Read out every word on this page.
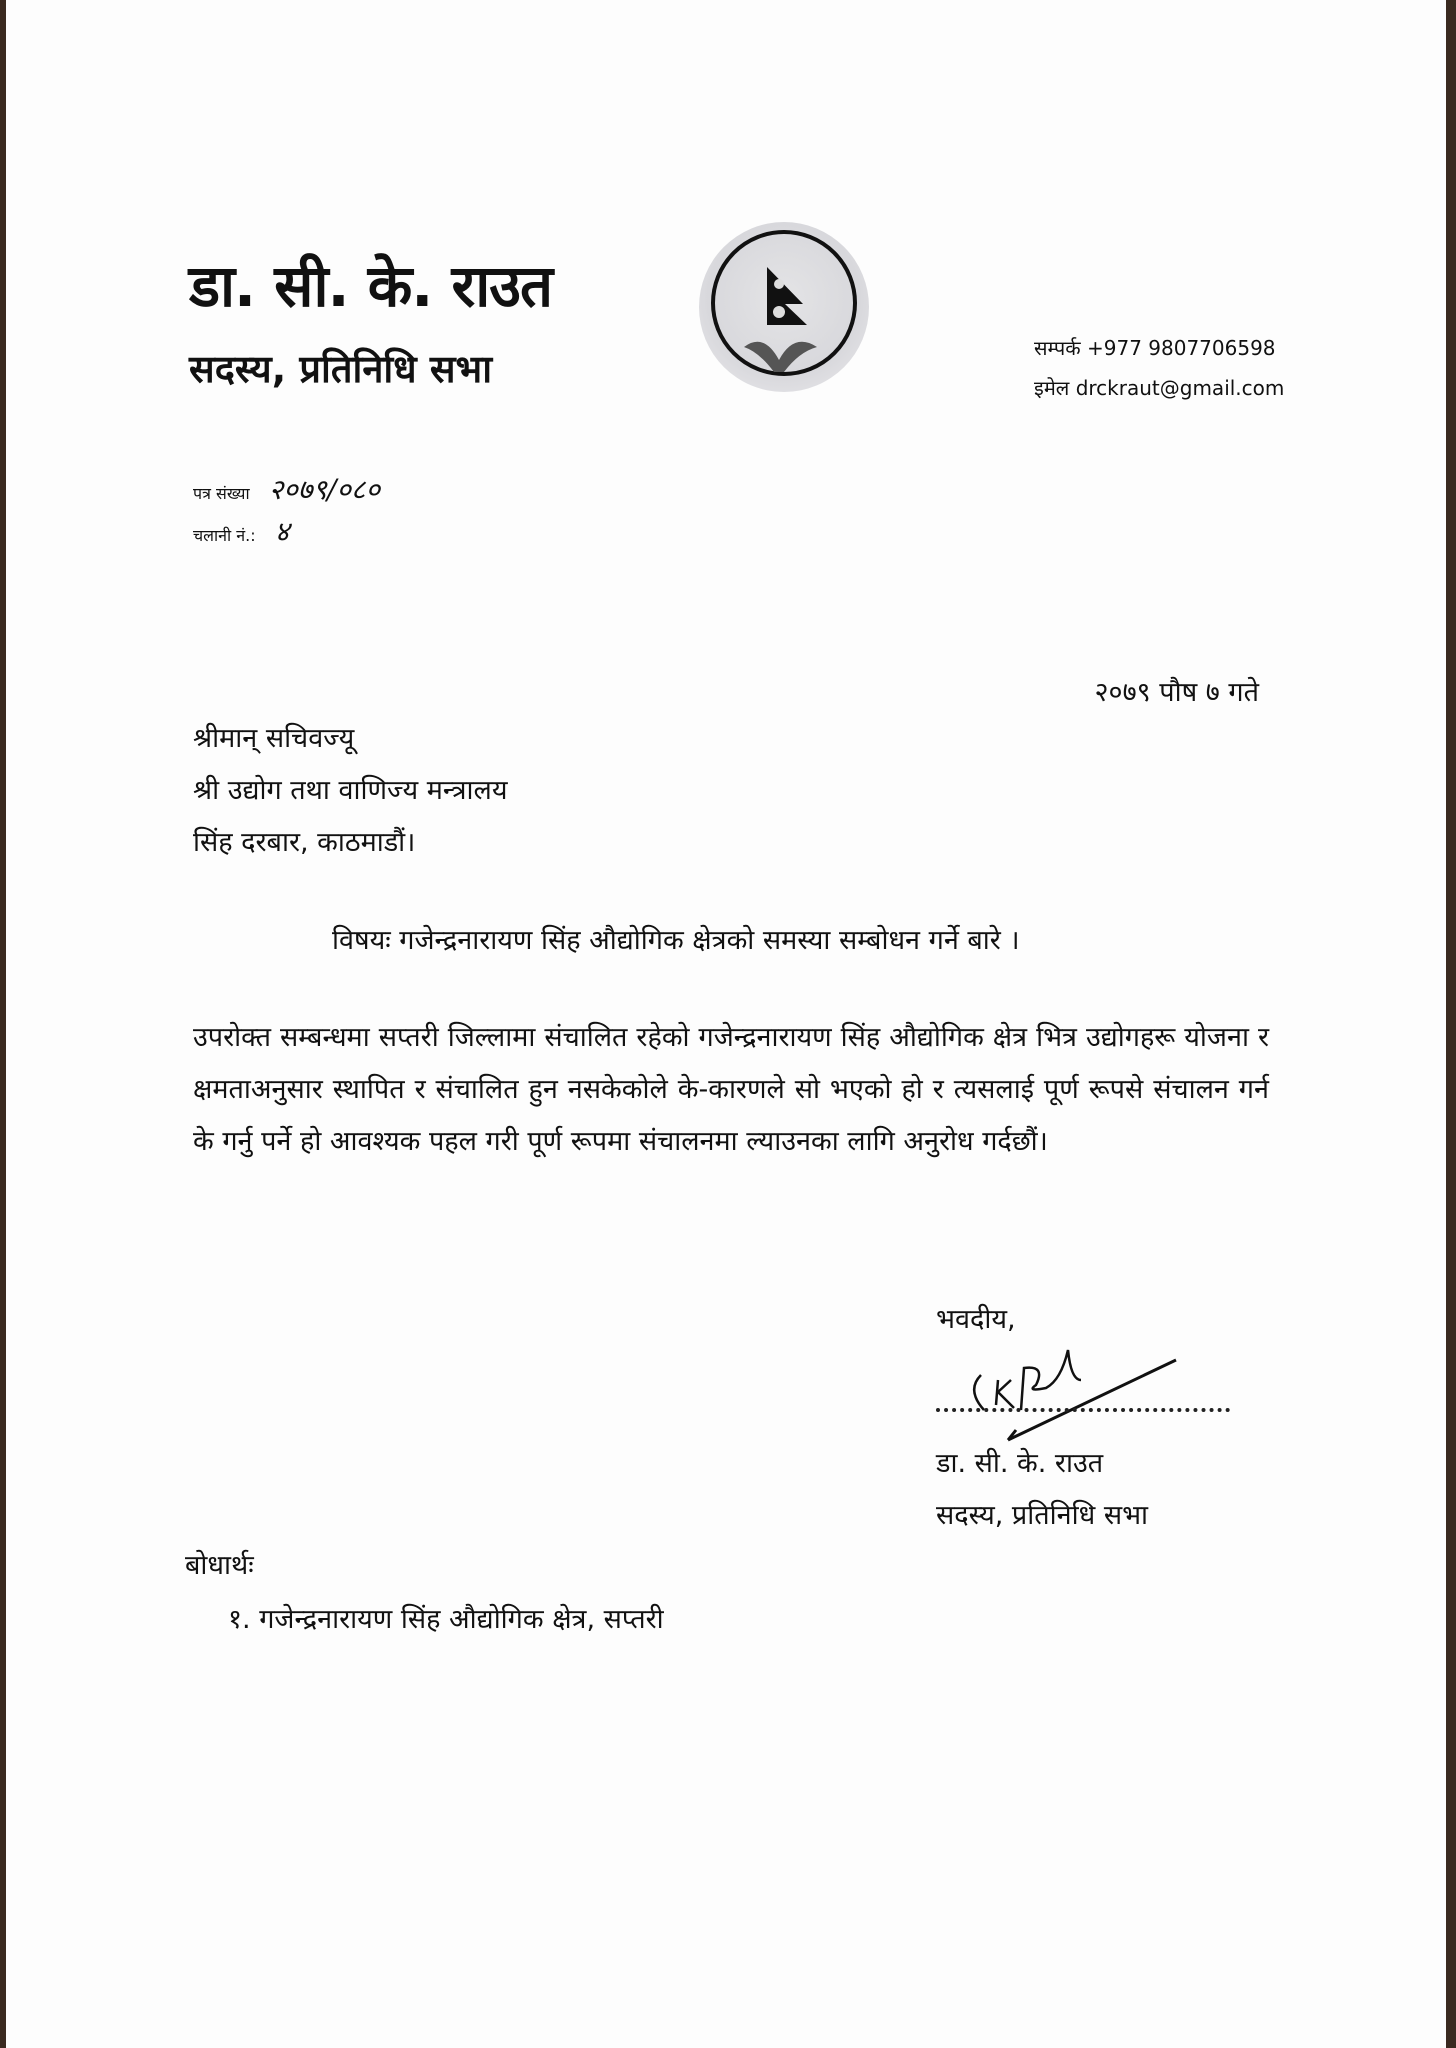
डा. सी. के. राउत
सदस्य, प्रतिनिधि सभा	सम्पर्क +977 9807706598
इमेल drckraut@gmail.com
पत्र संख्या २०७९/०८०
चलानी नं.: ४
२०७९ पौष ७ गते
श्रीमान् सचिवज्यू
श्री उद्योग तथा वाणिज्य मन्त्रालय
सिंह दरबार, काठमाडौं।
विषयः गजेन्द्रनारायण सिंह औद्योगिक क्षेत्रको समस्या सम्बोधन गर्ने बारे ।
उपरोक्त सम्बन्धमा सप्तरी जिल्लामा संचालित रहेको गजेन्द्रनारायण सिंह औद्योगिक क्षेत्र भित्र उद्योगहरू योजना र क्षमताअनुसार स्थापित र संचालित हुन नसकेकोले के-कारणले सो भएको हो र त्यसलाई पूर्ण रूपसे संचालन गर्न के गर्नु पर्ने हो आवश्यक पहल गरी पूर्ण रूपमा संचालनमा ल्याउनका लागि अनुरोध गर्दछौं।
भवदीय,
डा. सी. के. राउत
सदस्य, प्रतिनिधि सभा
बोधार्थः
१. गजेन्द्रनारायण सिंह औद्योगिक क्षेत्र, सप्तरी
